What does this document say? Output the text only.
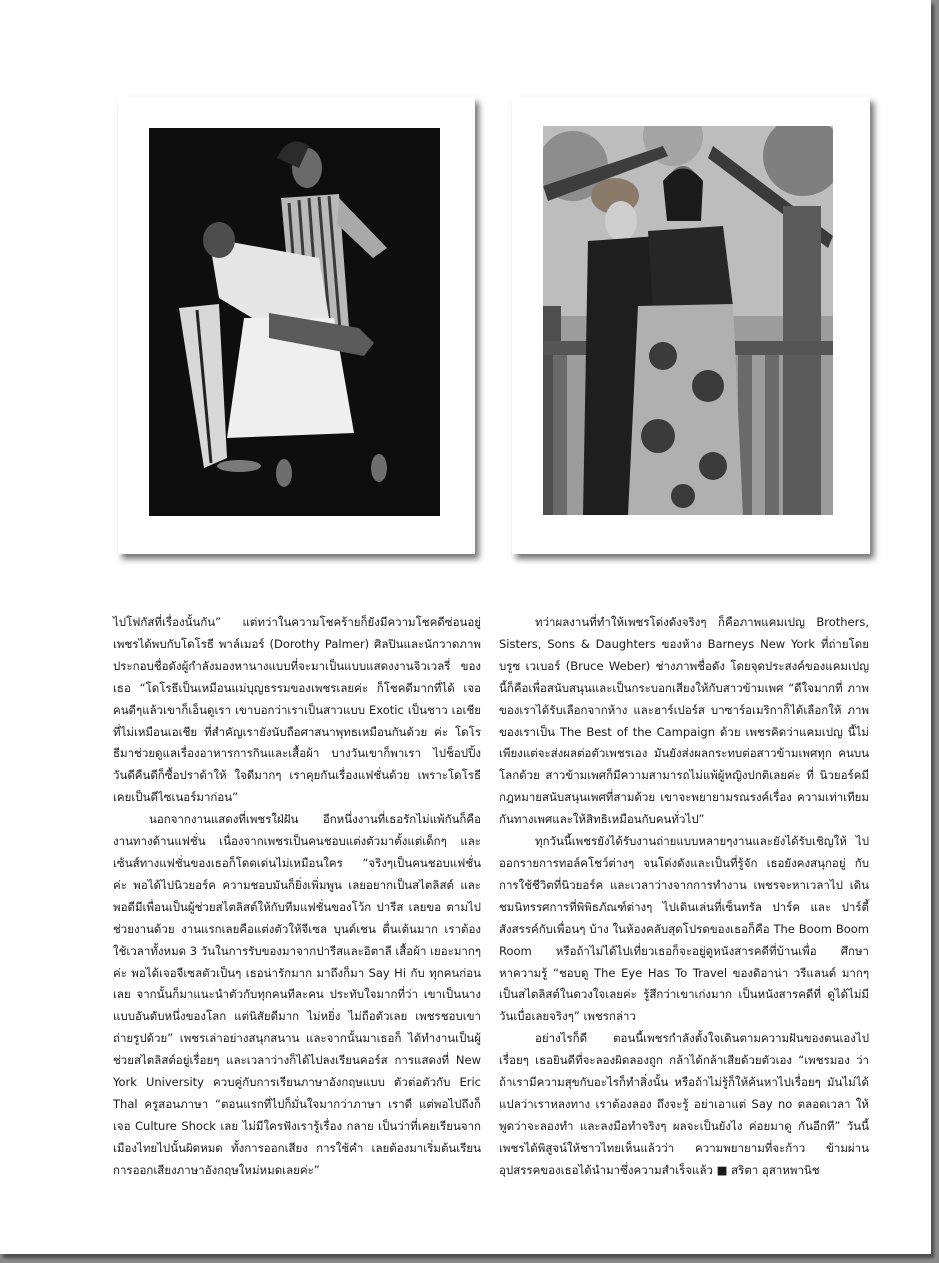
ไปโฟกัสที่เรื่องนั้นกัน” แต่ทว่าในความโชคร้ายก็ยังมีความโชคดีซ่อนอยู่ เพชรได้พบกับโดโรธี พาล์เมอร์ (Dorothy Palmer) ศิลปินและนักวาดภาพ ประกอบชื่อดังผู้กำลังมองหานางแบบที่จะมาเป็นแบบแสดงงานจิวเวลรี่ ของเธอ “โดโรธีเป็นเหมือนแม่บุญธรรมของเพชรเลยค่ะ ก็โชคดีมากที่ได้ เจอคนดีๆแล้วเขาก็เอ็นดูเรา เขาบอกว่าเราเป็นสาวแบบ Exotic เป็นชาว เอเชียที่ไม่เหมือนเอเชีย ที่สำคัญเรายังนับถือศาสนาพุทธเหมือนกันด้วย ค่ะ โดโรธีมาช่วยดูแลเรื่องอาหารการกินและเสื้อผ้า บางวันเขาก็พาเรา ไปช็อปปิ้ง วันดีคืนดีก็ซื้อปราด้าให้ ใจดีมากๆ เราคุยกันเรื่องแฟชั่นด้วย เพราะโดโรธีเคยเป็นดีไซเนอร์มาก่อน”

นอกจากงานแสดงที่เพชรใฝ่ฝัน อีกหนึ่งงานที่เธอรักไม่แพ้กันก็คือ งานทางด้านแฟชั่น เนื่องจากเพชรเป็นคนชอบแต่งตัวมาตั้งแต่เด็กๆ และ เซ้นส์ทางแฟชั่นของเธอก็โดดเด่นไม่เหมือนใคร “จริงๆเป็นคนชอบแฟชั่น ค่ะ พอได้ไปนิวยอร์ค ความชอบมันก็ยิ่งเพิ่มพูน เลยอยากเป็นสไตลิสต์ และพอดีมีเพื่อนเป็นผู้ช่วยสไตลิสต์ให้กับทีมแฟชั่นของโว้ก ปารีส เลยขอ ตามไปช่วยงานด้วย งานแรกเลยคือแต่งตัวให้จีเซล บุนด์เชน ตื่นเต้นมาก เราต้องใช้เวลาทั้งหมด 3 วันในการรับของมาจากปารีสและอิตาลี เสื้อผ้า เยอะมากๆค่ะ พอได้เจอจีเซลตัวเป็นๆ เธอน่ารักมาก มาถึงก็มา Say Hi กับ ทุกคนก่อนเลย จากนั้นก็มาแนะนำตัวกับทุกคนทีละคน ประทับใจมากที่ว่า เขาเป็นนางแบบอันดับหนึ่งของโลก แต่นิสัยดีมาก ไม่หยิ่ง ไม่ถือตัวเลย เพชรชอบเขาถ่ายรูปด้วย” เพชรเล่าอย่างสนุกสนาน และจากนั้นมาเธอก็ ได้ทำงานเป็นผู้ช่วยสไตลิสต์อยู่เรื่อยๆ และเวลาว่างก็ได้ไปลงเรียนคอร์ส การแสดงที่ New York University ควบคู่กับการเรียนภาษาอังกฤษแบบ ตัวต่อตัวกับ Eric Thal ครูสอนภาษา “ตอนแรกที่ไปก็มั่นใจมากว่าภาษา เราดี แต่พอไปถึงก็เจอ Culture Shock เลย ไม่มีใครฟังเรารู้เรื่อง กลาย เป็นว่าที่เคยเรียนจากเมืองไทยไปนั้นผิดหมด ทั้งการออกเสียง การใช้คำ เลยต้องมาเริ่มต้นเรียนการออกเสียงภาษาอังกฤษใหม่หมดเลยค่ะ”

ทว่าผลงานที่ทำให้เพชรโด่งดังจริงๆ ก็คือภาพแคมเปญ Brothers, Sisters, Sons & Daughters ของห้าง Barneys New York ที่ถ่ายโดย บรูซ เวเบอร์ (Bruce Weber) ช่างภาพชื่อดัง โดยจุดประสงค์ของแคมเปญ นี้ก็คือเพื่อสนับสนุนและเป็นกระบอกเสียงให้กับสาวข้ามเพศ “ดีใจมากที่ ภาพของเราได้รับเลือกจากห้าง และฮาร์เปอร์ส บาซาร์อเมริกาก็ได้เลือกให้ ภาพของเราเป็น The Best of the Campaign ด้วย เพชรคิดว่าแคมเปญ นี้ไม่เพียงแต่จะส่งผลต่อตัวเพชรเอง มันยังส่งผลกระทบต่อสาวข้ามเพศทุก คนบนโลกด้วย สาวข้ามเพศก็มีความสามารถไม่แพ้ผู้หญิงปกติเลยค่ะ ที่ นิวยอร์คมีกฎหมายสนับสนุนเพศที่สามด้วย เขาจะพยายามรณรงค์เรื่อง ความเท่าเทียมกันทางเพศและให้สิทธิเหมือนกับคนทั่วไป”

ทุกวันนี้เพชรยังได้รับงานถ่ายแบบหลายๆงานและยังได้รับเชิญให้ ไปออกรายการทอล์คโชว์ต่างๆ จนโด่งดังและเป็นที่รู้จัก เธอยังคงสนุกอยู่ กับการใช้ชีวิตที่นิวยอร์ค และเวลาว่างจากการทำงาน เพชรจะหาเวลาไป เดินชมนิทรรศการที่พิพิธภัณฑ์ต่างๆ ไปเดินเล่นที่เซ็นทรัล ปาร์ค และ ปาร์ตี้สังสรรค์กับเพื่อนๆ บ้าง ในห้องคลับสุดโปรดของเธอก็คือ The Boom Boom Room หรือถ้าไม่ได้ไปเที่ยวเธอก็จะอยู่ดูหนังสารคดีที่บ้านเพื่อ ศึกษาหาความรู้ “ชอบดู The Eye Has To Travel ของดิอาน่า วรีแลนด์ มากๆ เป็นสไตลิสต์ในดวงใจเลยค่ะ รู้สึกว่าเขาเก่งมาก เป็นหนังสารคดีที่ ดูได้ไม่มีวันเบื่อเลยจริงๆ” เพชรกล่าว

อย่างไรก็ดี ตอนนี้เพชรกำลังตั้งใจเดินตามความฝันของตนเองไป เรื่อยๆ เธอยินดีที่จะลองผิดลองถูก กล้าได้กล้าเสียด้วยตัวเอง “เพชรมอง ว่าถ้าเรามีความสุขกับอะไรก็ทำสิ่งนั้น หรือถ้าไม่รู้ก็ให้ค้นหาไปเรื่อยๆ มันไม่ได้แปลว่าเราหลงทาง เราต้องลอง ถึงจะรู้ อย่าเอาแต่ Say no ตลอดเวลา ให้พูดว่าจะลองทำ และลงมือทำจริงๆ ผลจะเป็นยังไง ค่อยมาดู กันอีกที” วันนี้เพชรได้พิสูจน์ให้ชาวไทยเห็นแล้วว่า ความพยายามที่จะก้าว ข้ามผ่านอุปสรรคของเธอได้นำมาซึ่งความสำเร็จแล้ว ■ สริตา อุสาหพานิช
